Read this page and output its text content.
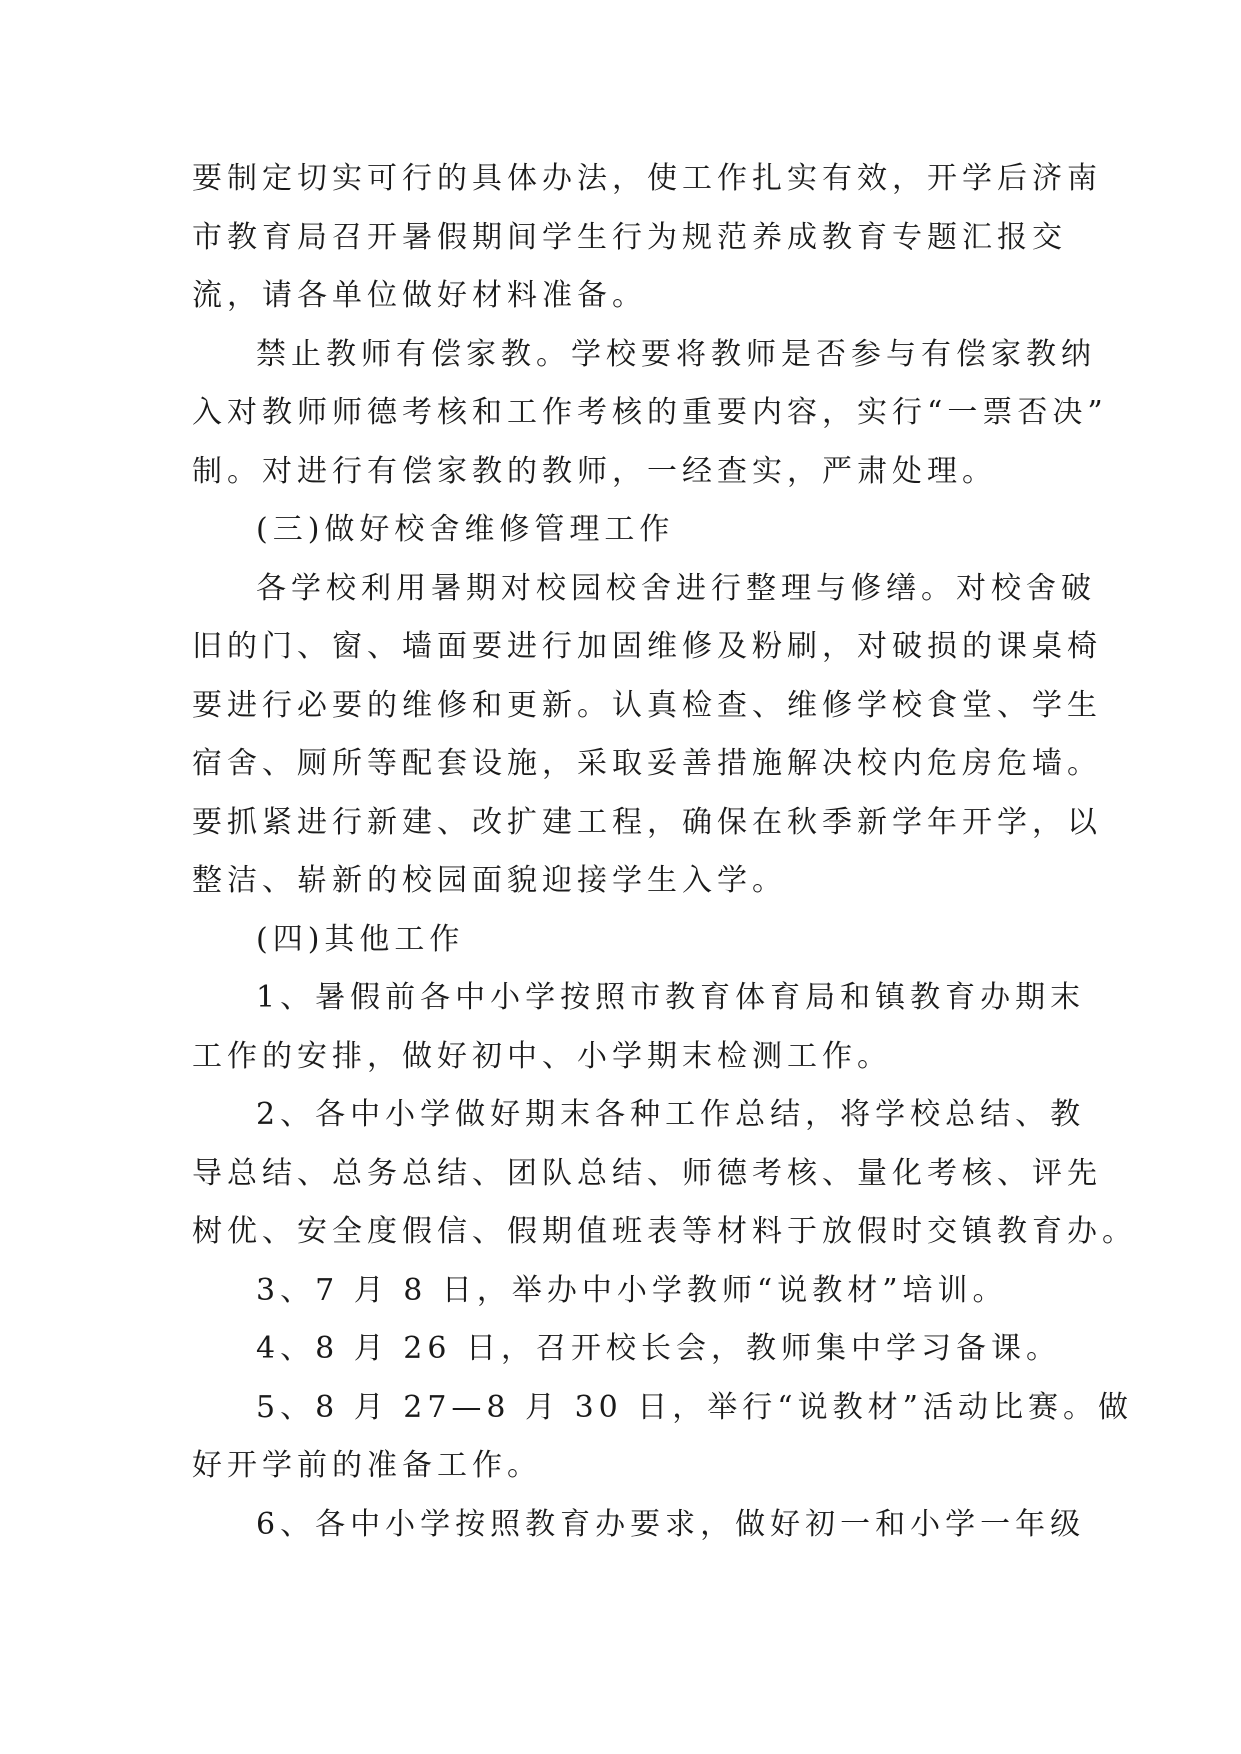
要制定切实可行的具体办法，使工作扎实有效，开学后济南
市教育局召开暑假期间学生行为规范养成教育专题汇报交
流，请各单位做好材料准备。
禁止教师有偿家教。学校要将教师是否参与有偿家教纳
入对教师师德考核和工作考核的重要内容，实行“一票否决”
制。对进行有偿家教的教师，一经查实，严肃处理。
(三)做好校舍维修管理工作
各学校利用暑期对校园校舍进行整理与修缮。对校舍破
旧的门、窗、墙面要进行加固维修及粉刷，对破损的课桌椅
要进行必要的维修和更新。认真检查、维修学校食堂、学生
宿舍、厕所等配套设施，采取妥善措施解决校内危房危墙。
要抓紧进行新建、改扩建工程，确保在秋季新学年开学，以
整洁、崭新的校园面貌迎接学生入学。
(四)其他工作
1、暑假前各中小学按照市教育体育局和镇教育办期末
工作的安排，做好初中、小学期末检测工作。
2、各中小学做好期末各种工作总结，将学校总结、教
导总结、总务总结、团队总结、师德考核、量化考核、评先
树优、安全度假信、假期值班表等材料于放假时交镇教育办。
3、7 月 8 日，举办中小学教师“说教材”培训。
4、8 月 26 日，召开校长会，教师集中学习备课。
5、8 月 27—8 月 30 日，举行“说教材”活动比赛。做
好开学前的准备工作。
6、各中小学按照教育办要求，做好初一和小学一年级
